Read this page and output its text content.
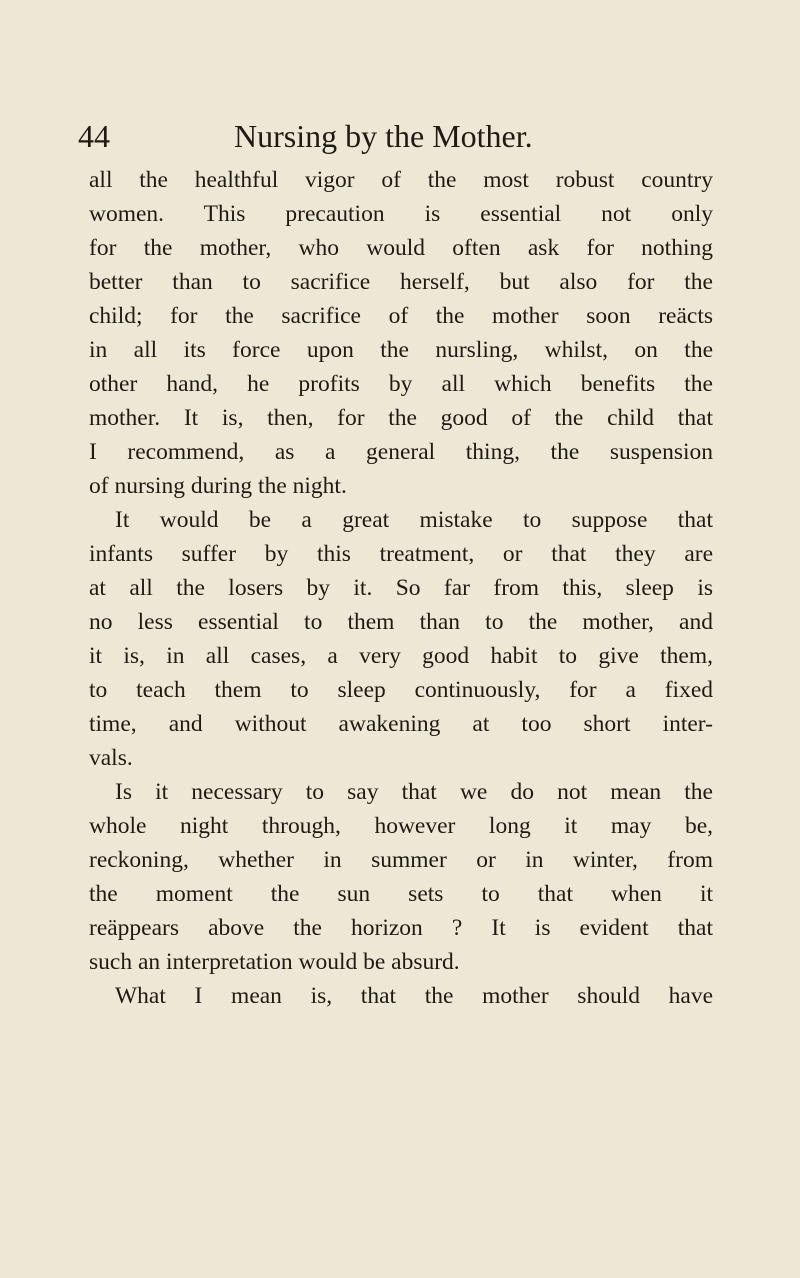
44	Nursing by the Mother.
all the healthful vigor of the most robust country
women. This precaution is essential not only
for the mother, who would often ask for nothing
better than to sacrifice herself, but also for the
child; for the sacrifice of the mother soon reäcts
in all its force upon the nursling, whilst, on the
other hand, he profits by all which benefits the
mother. It is, then, for the good of the child that
I recommend, as a general thing, the suspension
of nursing during the night.
It would be a great mistake to suppose that
infants suffer by this treatment, or that they are
at all the losers by it. So far from this, sleep is
no less essential to them than to the mother, and
it is, in all cases, a very good habit to give them,
to teach them to sleep continuously, for a fixed
time, and without awakening at too short inter-
vals.
Is it necessary to say that we do not mean the
whole night through, however long it may be,
reckoning, whether in summer or in winter, from
the moment the sun sets to that when it
reäppears above the horizon ? It is evident that
such an interpretation would be absurd.
What I mean is, that the mother should have
